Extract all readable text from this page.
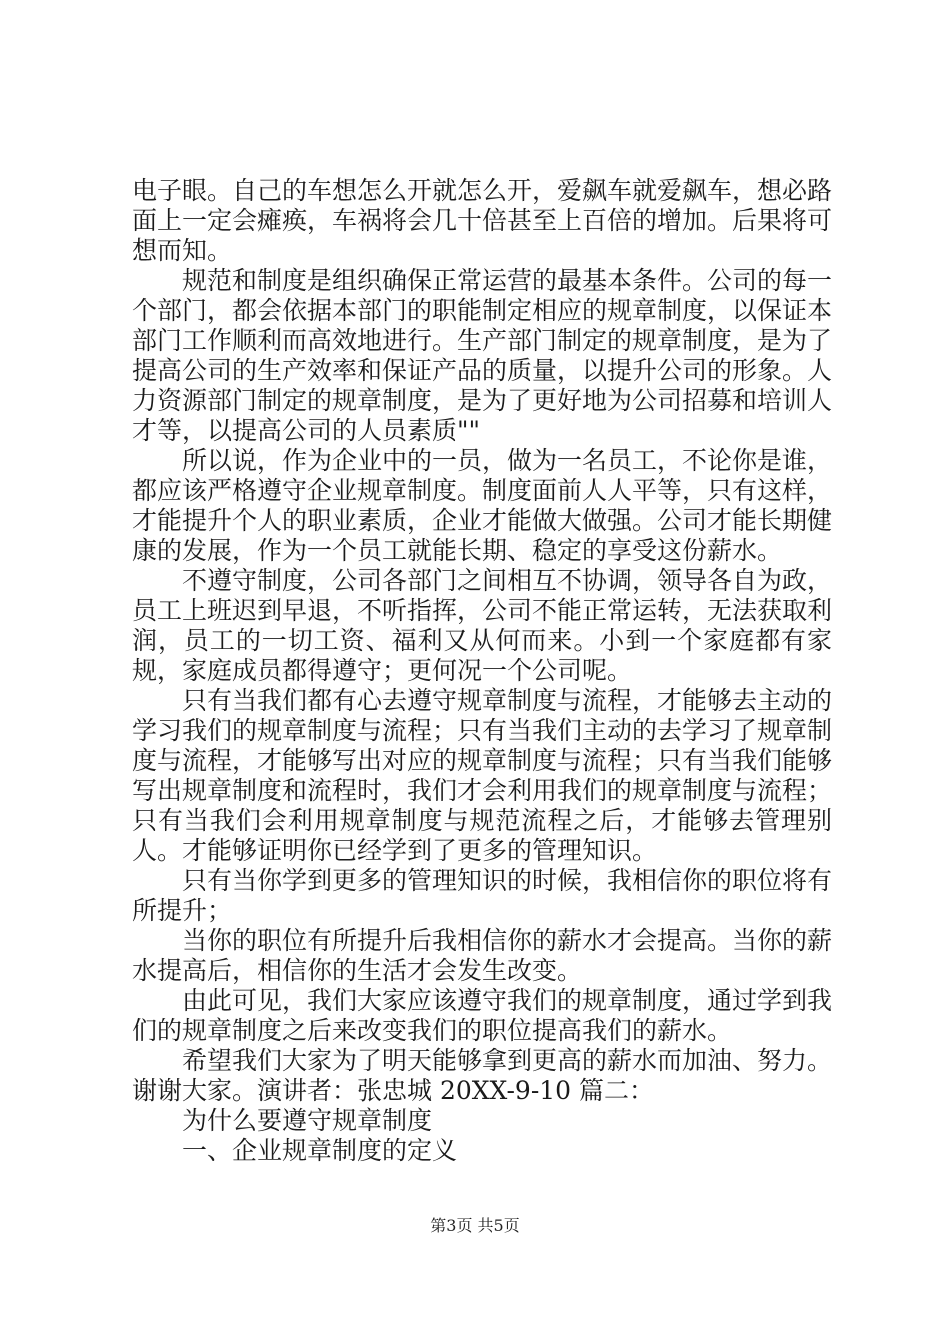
电子眼。自己的车想怎么开就怎么开，爱飙车就爱飙车，想必路面上一定会瘫痪，车祸将会几十倍甚至上百倍的增加。后果将可想而知。

规范和制度是组织确保正常运营的最基本条件。公司的每一个部门，都会依据本部门的职能制定相应的规章制度，以保证本部门工作顺利而高效地进行。生产部门制定的规章制度，是为了提高公司的生产效率和保证产品的质量，以提升公司的形象。人力资源部门制定的规章制度，是为了更好地为公司招募和培训人才等，以提高公司的人员素质""

所以说，作为企业中的一员，做为一名员工，不论你是谁，都应该严格遵守企业规章制度。制度面前人人平等，只有这样，才能提升个人的职业素质，企业才能做大做强。公司才能长期健康的发展，作为一个员工就能长期、稳定的享受这份薪水。

不遵守制度，公司各部门之间相互不协调，领导各自为政，员工上班迟到早退，不听指挥，公司不能正常运转，无法获取利润，员工的一切工资、福利又从何而来。小到一个家庭都有家规，家庭成员都得遵守；更何况一个公司呢。

只有当我们都有心去遵守规章制度与流程，才能够去主动的学习我们的规章制度与流程；只有当我们主动的去学习了规章制度与流程，才能够写出对应的规章制度与流程；只有当我们能够写出规章制度和流程时，我们才会利用我们的规章制度与流程；只有当我们会利用规章制度与规范流程之后，才能够去管理别人。才能够证明你已经学到了更多的管理知识。

只有当你学到更多的管理知识的时候，我相信你的职位将有所提升；

当你的职位有所提升后我相信你的薪水才会提高。当你的薪水提高后，相信你的生活才会发生改变。

由此可见，我们大家应该遵守我们的规章制度，通过学到我们的规章制度之后来改变我们的职位提高我们的薪水。

希望我们大家为了明天能够拿到更高的薪水而加油、努力。谢谢大家。演讲者：张忠城 20XX-9-10 篇二：

为什么要遵守规章制度

一、企业规章制度的定义

第3页 共5页
